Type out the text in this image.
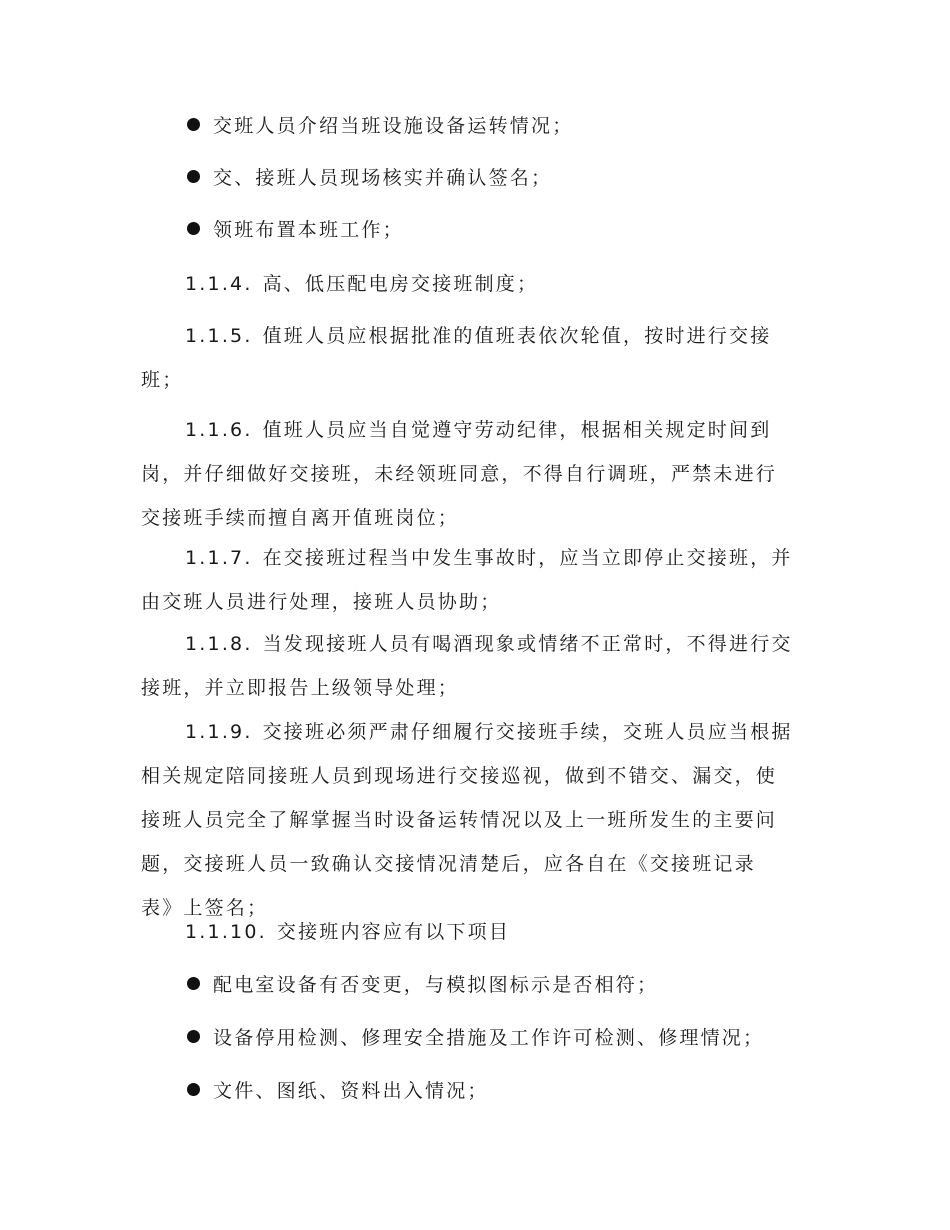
交班人员介绍当班设施设备运转情况；
交、接班人员现场核实并确认签名；
领班布置本班工作；
1.1.4. 高、低压配电房交接班制度；
1.1.5. 值班人员应根据批准的值班表依次轮值，按时进行交接
班；
1.1.6. 值班人员应当自觉遵守劳动纪律，根据相关规定时间到
岗，并仔细做好交接班，未经领班同意，不得自行调班，严禁未进行
交接班手续而擅自离开值班岗位；
1.1.7. 在交接班过程当中发生事故时，应当立即停止交接班，并
由交班人员进行处理，接班人员协助；
1.1.8. 当发现接班人员有喝酒现象或情绪不正常时，不得进行交
接班，并立即报告上级领导处理；
1.1.9. 交接班必须严肃仔细履行交接班手续，交班人员应当根据
相关规定陪同接班人员到现场进行交接巡视，做到不错交、漏交，使
接班人员完全了解掌握当时设备运转情况以及上一班所发生的主要问
题，交接班人员一致确认交接情况清楚后，应各自在《交接班记录
表》上签名；
1.1.10. 交接班内容应有以下项目
配电室设备有否变更，与模拟图标示是否相符；
设备停用检测、修理安全措施及工作许可检测、修理情况；
文件、图纸、资料出入情况；
